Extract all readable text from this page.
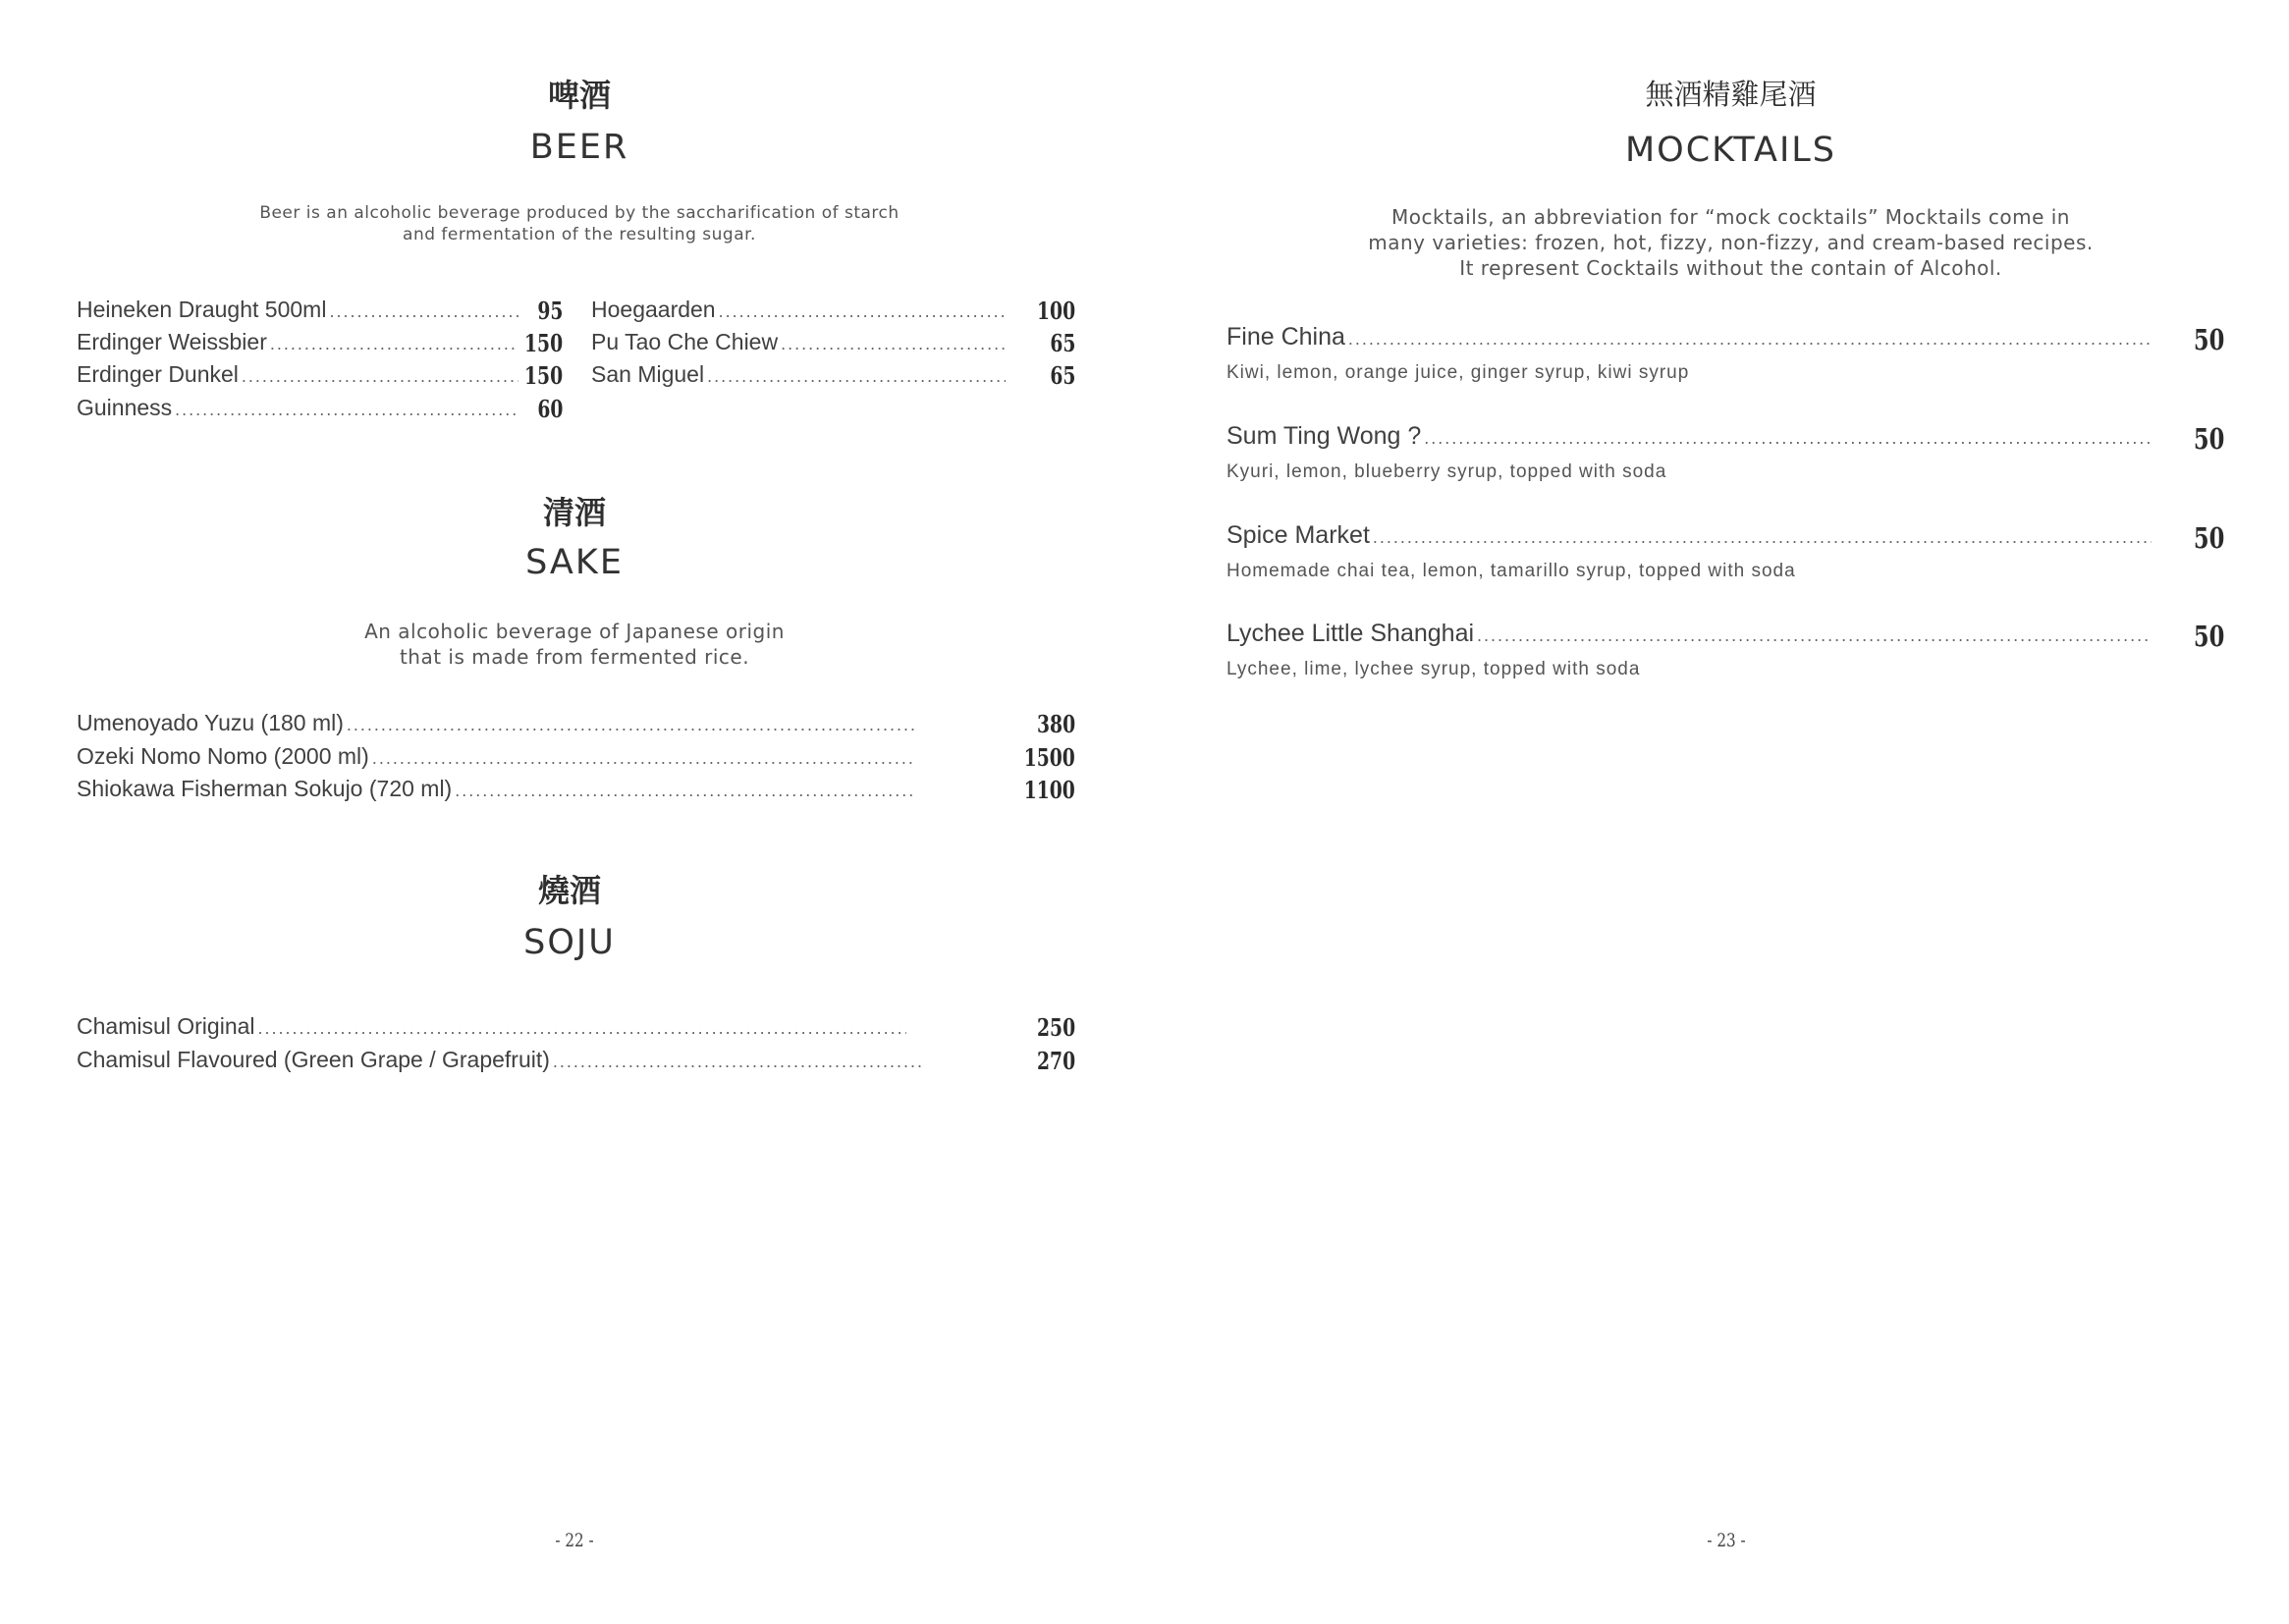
啤酒
BEER
Beer is an alcoholic beverage produced by the saccharification of starch
and fermentation of the resulting sugar.
Heineken Draught 500ml .....	95
Erdinger Weissbier .....	150
Erdinger Dunkel .....	150
Guinness .....	60
Hoegaarden .....	100
Pu Tao Che Chiew .....	65
San Miguel .....	65
清酒
SAKE
An alcoholic beverage of Japanese origin
that is made from fermented rice.
Umenoyado Yuzu (180 ml) .....	380
Ozeki Nomo Nomo (2000 ml) .....	1500
Shiokawa Fisherman Sokujo (720 ml) .....	1100
燒酒
SOJU
Chamisul Original .....	250
Chamisul Flavoured (Green Grape / Grapefruit) .....	270
- 22 -
無酒精雞尾酒
MOCKTAILS
Mocktails, an abbreviation for “mock cocktails” Mocktails come in
many varieties: frozen, hot, fizzy, non-fizzy, and cream-based recipes.
It represent Cocktails without the contain of Alcohol.
Fine China .....	50
Kiwi, lemon, orange juice, ginger syrup, kiwi syrup
Sum Ting Wong ? .....	50
Kyuri, lemon, blueberry syrup, topped with soda
Spice Market .....	50
Homemade chai tea, lemon, tamarillo syrup, topped with soda
Lychee Little Shanghai .....	50
Lychee, lime, lychee syrup, topped with soda
- 23 -
